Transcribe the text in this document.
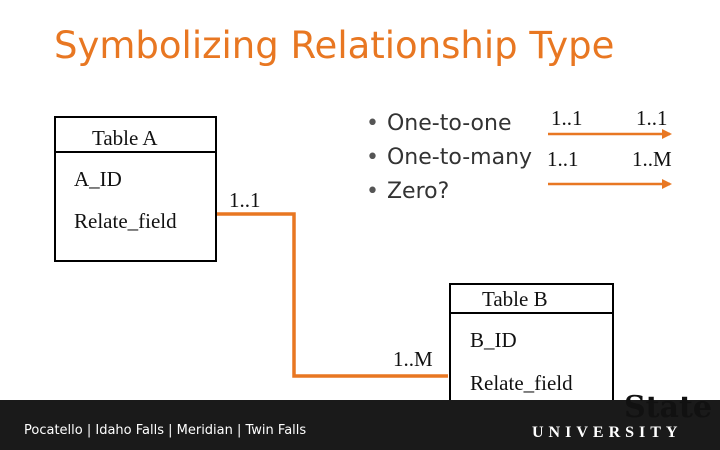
Symbolizing Relationship Type
Table A
A_ID
Relate_field
1..1
• One-to-one
• One-to-many
• Zero?
1..1	1..1
1..1	1..M
Table B
B_ID
Relate_field
1..M
Pocatello | Idaho Falls | Meridian | Twin Falls
State
UNIVERSITY
